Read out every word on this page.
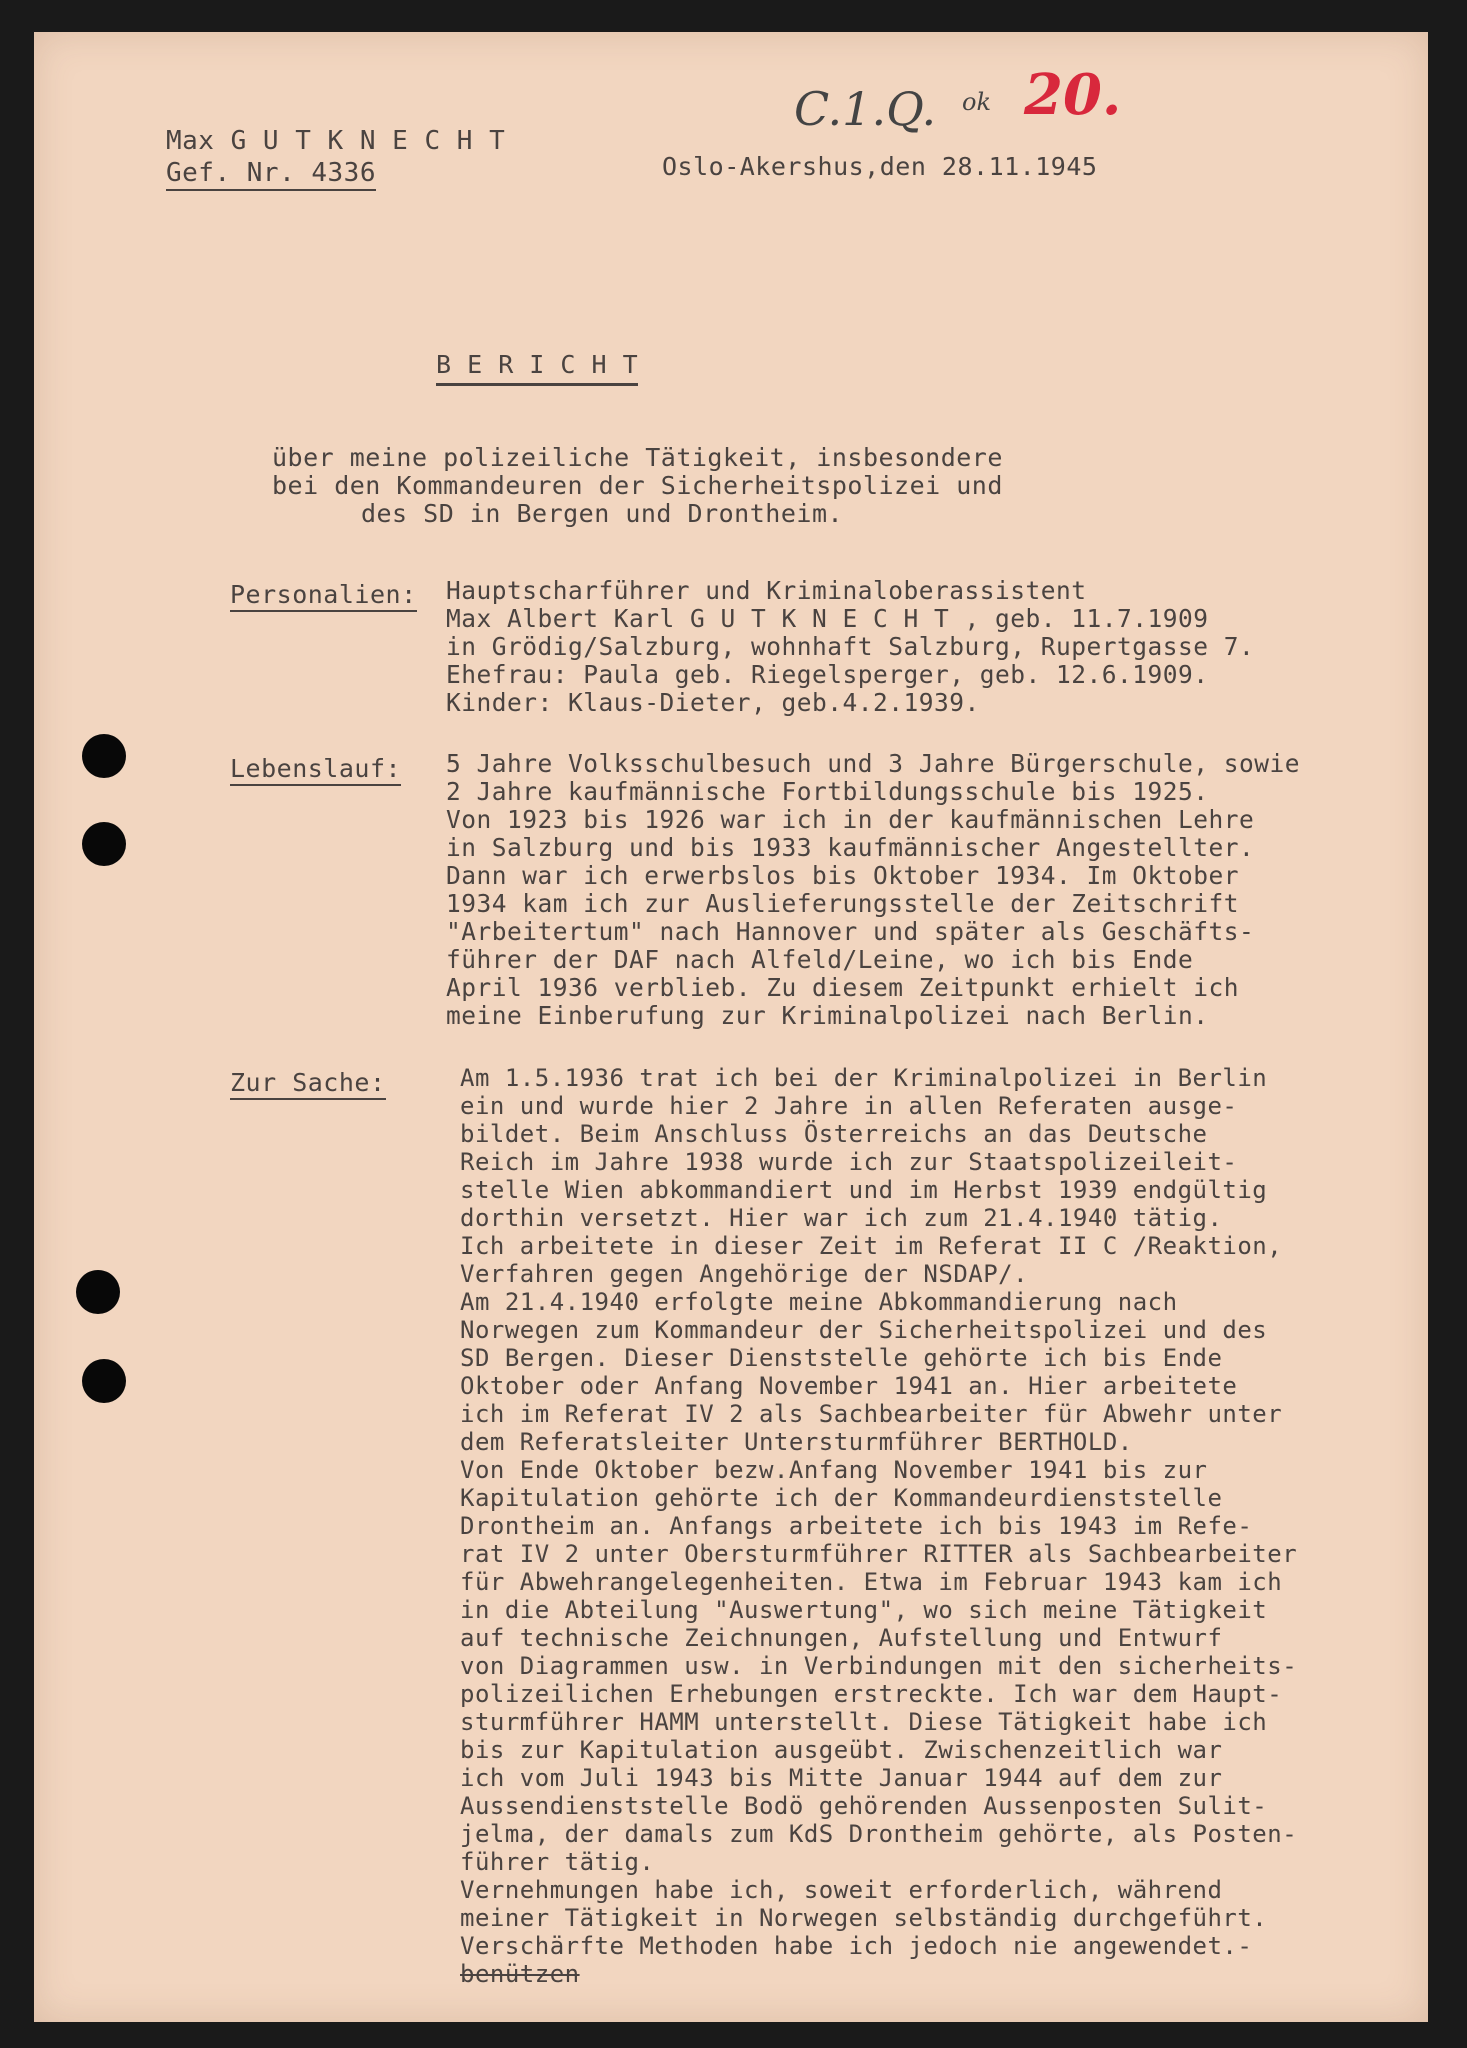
Max G U T K N E C H T
Gef. Nr. 4336	Oslo-Akershus,den 28.11.1945
C.1.Q. ok 20.
B E R I C H T
über meine polizeiliche Tätigkeit, insbesondere
bei den Kommandeuren der Sicherheitspolizei und
des SD in Bergen und Drontheim.
Personalien: Hauptscharführer und Kriminaloberassistent
Max Albert Karl G U T K N E C H T , geb. 11.7.1909
in Grödig/Salzburg, wohnhaft Salzburg, Rupertgasse 7.
Ehefrau: Paula geb. Riegelsperger, geb. 12.6.1909.
Kinder: Klaus-Dieter, geb.4.2.1939.
Lebenslauf: 5 Jahre Volksschulbesuch und 3 Jahre Bürgerschule, sowie
2 Jahre kaufmännische Fortbildungsschule bis 1925.
Von 1923 bis 1926 war ich in der kaufmännischen Lehre
in Salzburg und bis 1933 kaufmännischer Angestellter.
Dann war ich erwerbslos bis Oktober 1934. Im Oktober
1934 kam ich zur Auslieferungsstelle der Zeitschrift
"Arbeitertum" nach Hannover und später als Geschäfts-
führer der DAF nach Alfeld/Leine, wo ich bis Ende
April 1936 verblieb. Zu diesem Zeitpunkt erhielt ich
meine Einberufung zur Kriminalpolizei nach Berlin.
Zur Sache:	Am 1.5.1936 trat ich bei der Kriminalpolizei in Berlin
ein und wurde hier 2 Jahre in allen Referaten ausge-
bildet. Beim Anschluss Österreichs an das Deutsche
Reich im Jahre 1938 wurde ich zur Staatspolizeileit-
stelle Wien abkommandiert und im Herbst 1939 endgültig
dorthin versetzt. Hier war ich zum 21.4.1940 tätig.
Ich arbeitete in dieser Zeit im Referat II C /Reaktion,
Verfahren gegen Angehörige der NSDAP/.
Am 21.4.1940 erfolgte meine Abkommandierung nach
Norwegen zum Kommandeur der Sicherheitspolizei und des
SD Bergen. Dieser Dienststelle gehörte ich bis Ende
Oktober oder Anfang November 1941 an. Hier arbeitete
ich im Referat IV 2 als Sachbearbeiter für Abwehr unter
dem Referatsleiter Untersturmführer BERTHOLD.
Von Ende Oktober bezw.Anfang November 1941 bis zur
Kapitulation gehörte ich der Kommandeurdienststelle
Drontheim an. Anfangs arbeitete ich bis 1943 im Refe-
rat IV 2 unter Obersturmführer RITTER als Sachbearbeiter
für Abwehrangelegenheiten. Etwa im Februar 1943 kam ich
in die Abteilung "Auswertung", wo sich meine Tätigkeit
auf technische Zeichnungen, Aufstellung und Entwurf
von Diagrammen usw. in Verbindungen mit den sicherheits-
polizeilichen Erhebungen erstreckte. Ich war dem Haupt-
sturmführer HAMM unterstellt. Diese Tätigkeit habe ich
bis zur Kapitulation ausgeübt. Zwischenzeitlich war
ich vom Juli 1943 bis Mitte Januar 1944 auf dem zur
Aussendienststelle Bodö gehörenden Aussenposten Sulit-
jelma, der damals zum KdS Drontheim gehörte, als Posten-
führer tätig.
Vernehmungen habe ich, soweit erforderlich, während
meiner Tätigkeit in Norwegen selbständig durchgeführt.
Verschärfte Methoden habe ich jedoch nie angewendet.-
benützen
